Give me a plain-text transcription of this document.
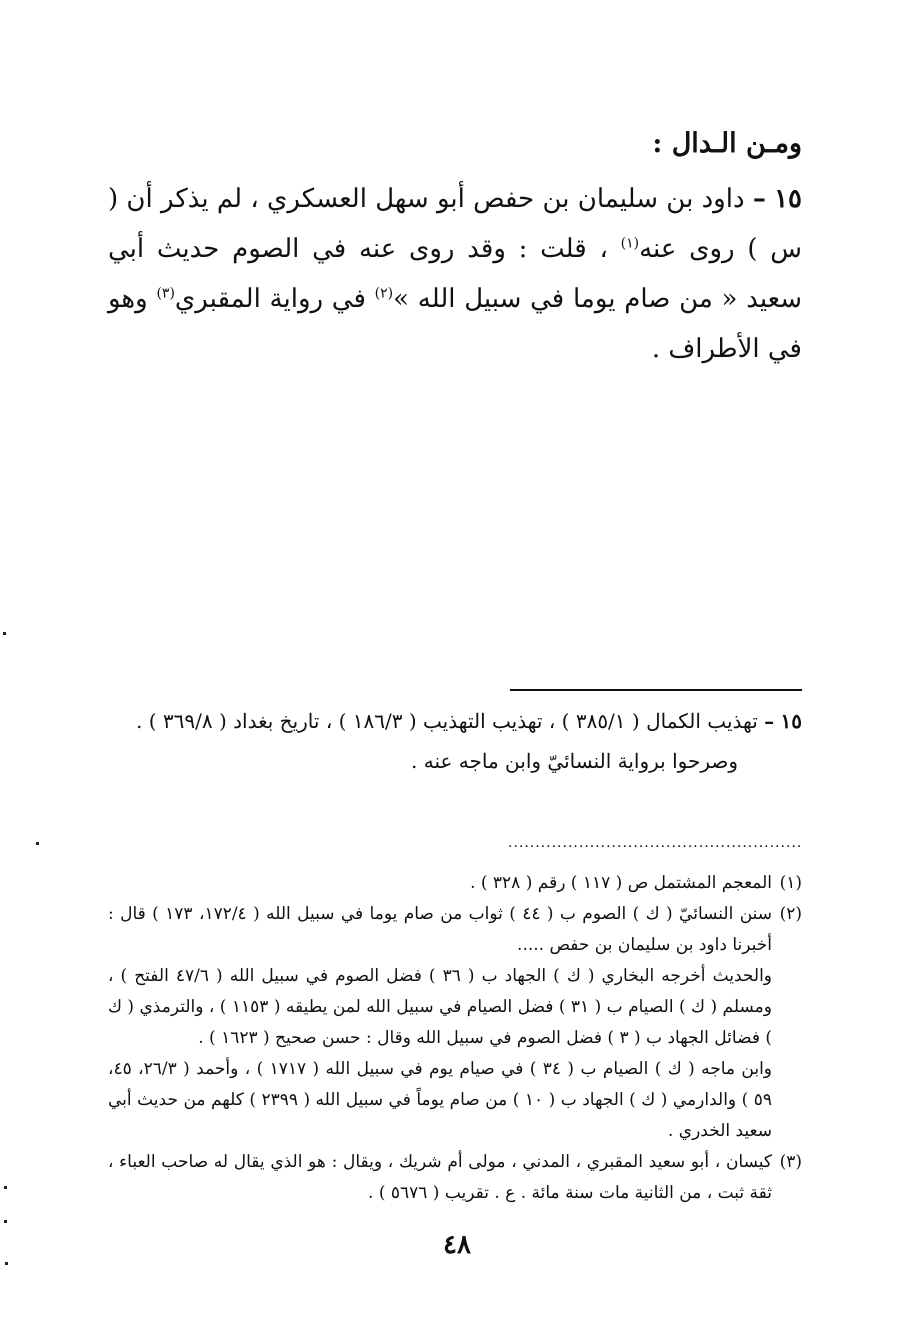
ومـن الـدال :
١٥ – داود بن سليمان بن حفص أبو سهل العسكري ، لم يذكر أن ( س ) روى عنه$^{(١)}$ ، قلت : وقد روى عنه في الصوم حديث أبي سعيد « من صام يوما في سبيل الله »$^{(٢)}$ في رواية المقبري$^{(٣)}$ وهو في الأطراف .
١٥ – تهذيب الكمال ( ٣٨٥/١ ) ، تهذيب التهذيب ( ١٨٦/٣ ) ، تاريخ بغداد ( ٣٦٩/٨ ) .
وصرحوا برواية النسائيّ وابن ماجه عنه .
......................................................
(١)

المعجم المشتمل ص ( ١١٧ ) رقم ( ٣٢٨ ) .

(٢)

سنن النسائيّ ( ك ) الصوم ب ( ٤٤ ) ثواب من صام يوما في سبيل الله ( ١٧٢/٤، ١٧٣ ) قال : أخبرنا داود بن سليمان بن حفص .....

والحديث أخرجه البخاري ( ك ) الجهاد ب ( ٣٦ ) فضل الصوم في سبيل الله ( ٤٧/٦ الفتح ) ، ومسلم ( ك ) الصيام ب ( ٣١ ) فضل الصيام في سبيل الله لمن يطيقه ( ١١٥٣ ) ، والترمذي ( ك ) فضائل الجهاد ب ( ٣ ) فضل الصوم في سبيل الله وقال : حسن صحيح ( ١٦٢٣ ) .

وابن ماجه ( ك ) الصيام ب ( ٣٤ ) في صيام يوم في سبيل الله ( ١٧١٧ ) ، وأحمد ( ٢٦/٣، ٤٥، ٥٩ ) والدارمي ( ك ) الجهاد ب ( ١٠ ) من صام يوماً في سبيل الله ( ٢٣٩٩ ) كلهم من حديث أبي سعيد الخدري .

(٣)

كيسان ، أبو سعيد المقبري ، المدني ، مولى أم شريك ، ويقال : هو الذي يقال له صاحب العباء ، ثقة ثبت ، من الثانية مات سنة مائة . ع . تقريب ( ٥٦٧٦ ) .

٤٨
